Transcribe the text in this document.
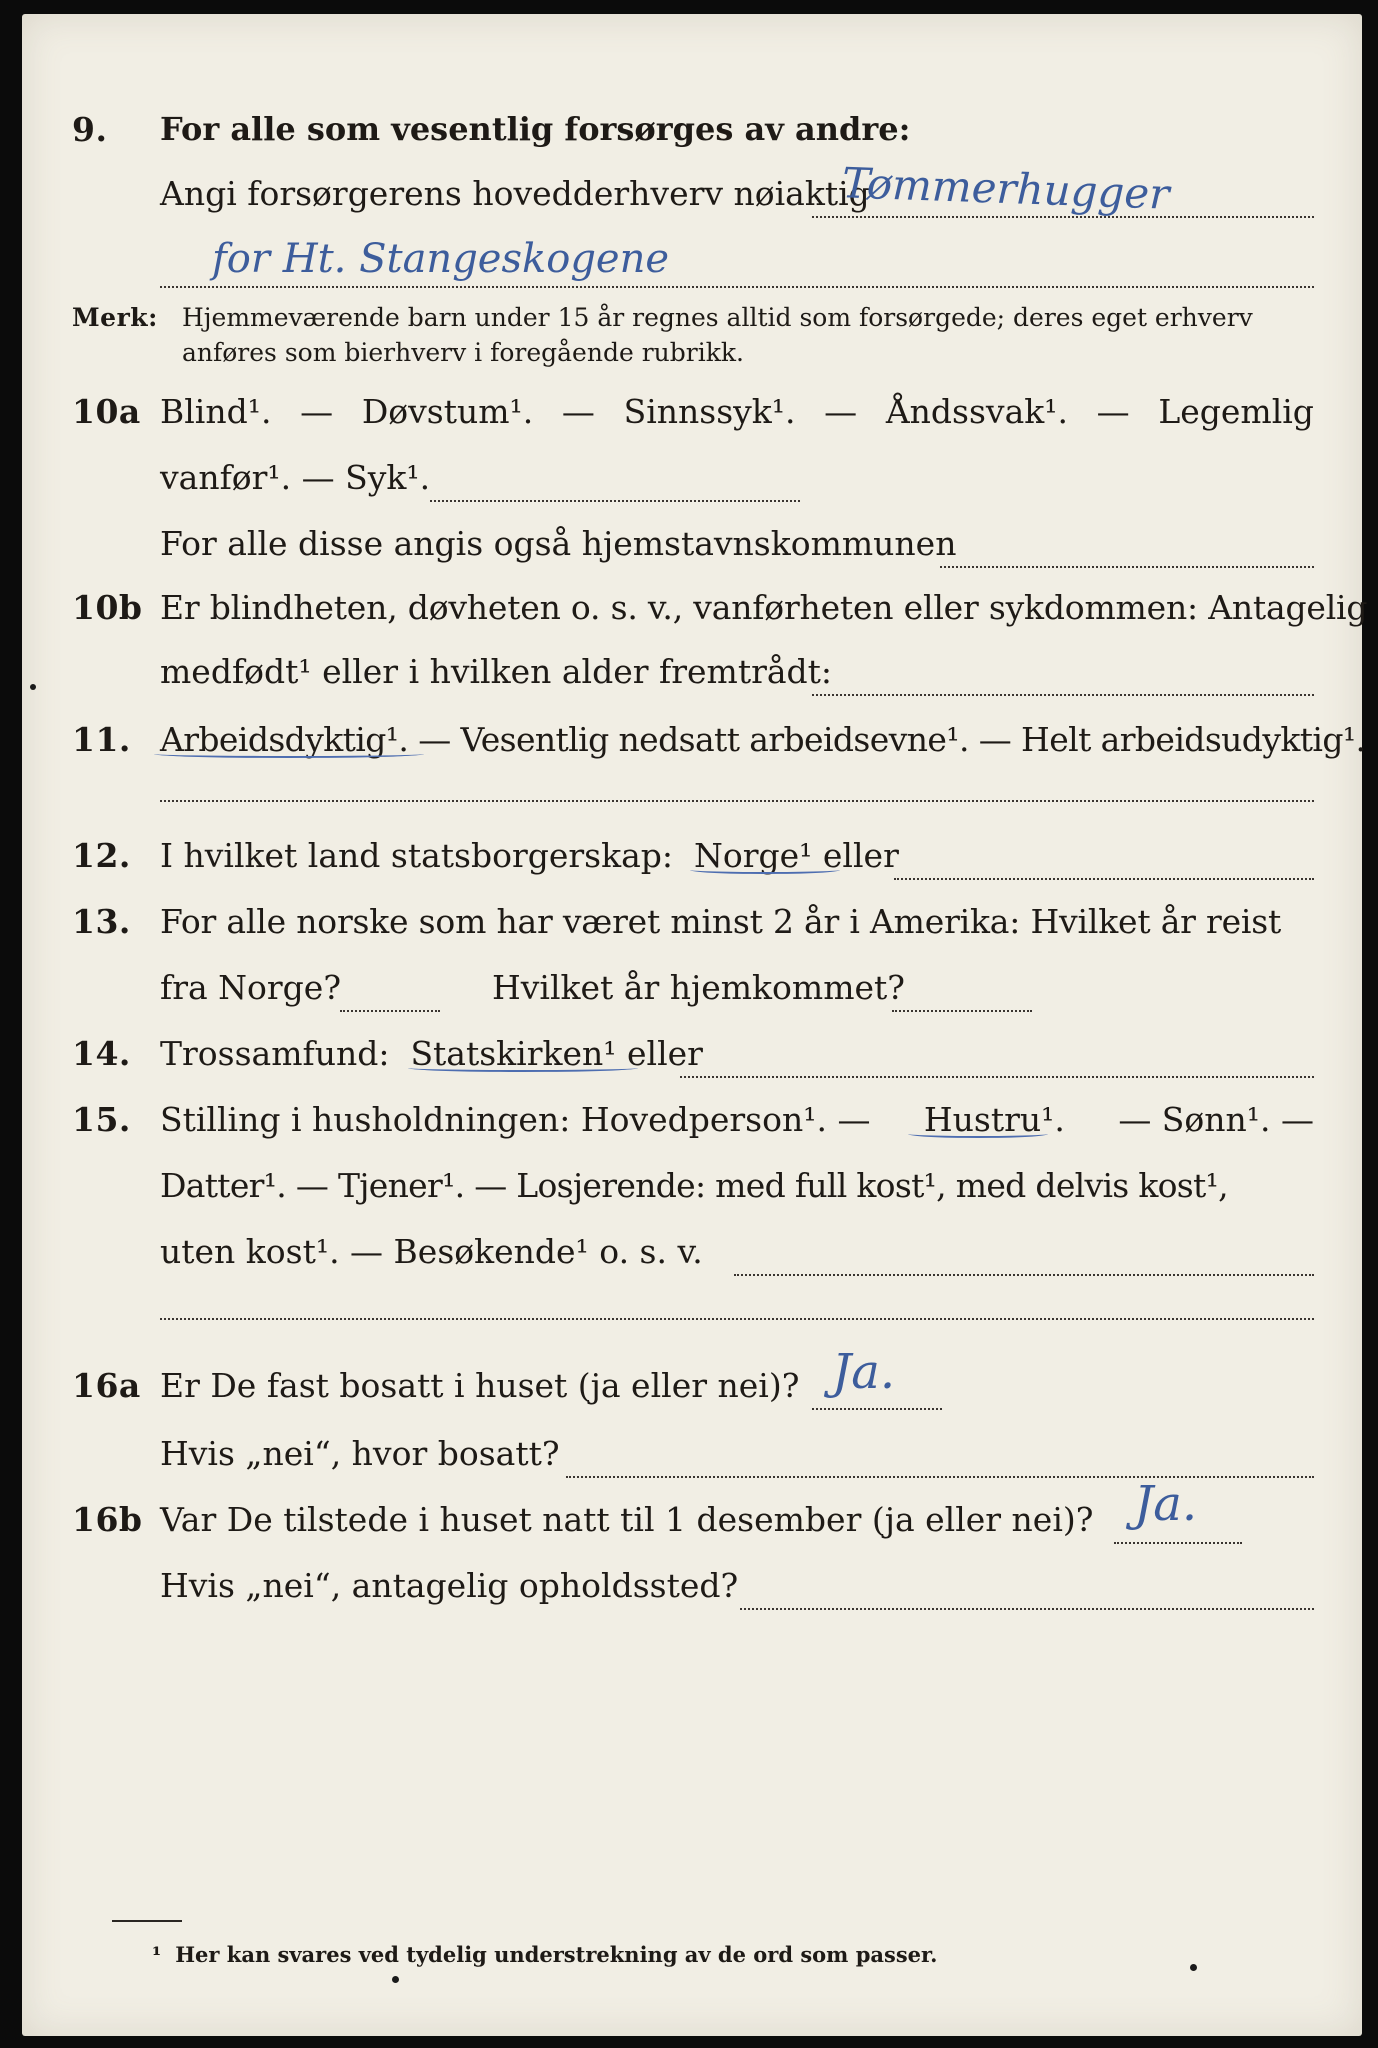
9. For alle som vesentlig forsørges av andre:
Angi forsørgerens hovedderhverv nøiaktig
Tømmerhugger
for Ht. Stangeskogene
Merk: Hjemmeværende barn under 15 år regnes alltid som forsørgede; deres eget erhverv
anføres som bierhverv i foregående rubrikk.
10a Blind¹. — Døvstum¹. — Sinnssyk¹. — Åndssvak¹. — Legemlig
vanfør¹. — Syk¹.
For alle disse angis også hjemstavnskommunen
10b Er blindheten, døvheten o. s. v., vanførheten eller sykdommen: Antagelig
medfødt¹ eller i hvilken alder fremtrådt:
11. Arbeidsdyktig¹. — Vesentlig nedsatt arbeidsevne¹. — Helt arbeidsudyktig¹.
12. I hvilket land statsborgerskap: Norge¹ eller
13. For alle norske som har været minst 2 år i Amerika: Hvilket år reist
fra Norge?	Hvilket år hjemkommet?
14. Trossamfund: Statskirken¹ eller
15. Stilling i husholdningen: Hovedperson¹. — Hustru¹. — Sønn¹. —
Datter¹. — Tjener¹. — Losjerende: med full kost¹, med delvis kost¹,
uten kost¹. — Besøkende¹ o. s. v.
16a Er De fast bosatt i huset (ja eller nei)? Ja.
Hvis „nei“, hvor bosatt?
16b Var De tilstede i huset natt til 1 desember (ja eller nei)? Ja.
Hvis „nei“, antagelig opholdssted?
¹ Her kan svares ved tydelig understrekning av de ord som passer.
